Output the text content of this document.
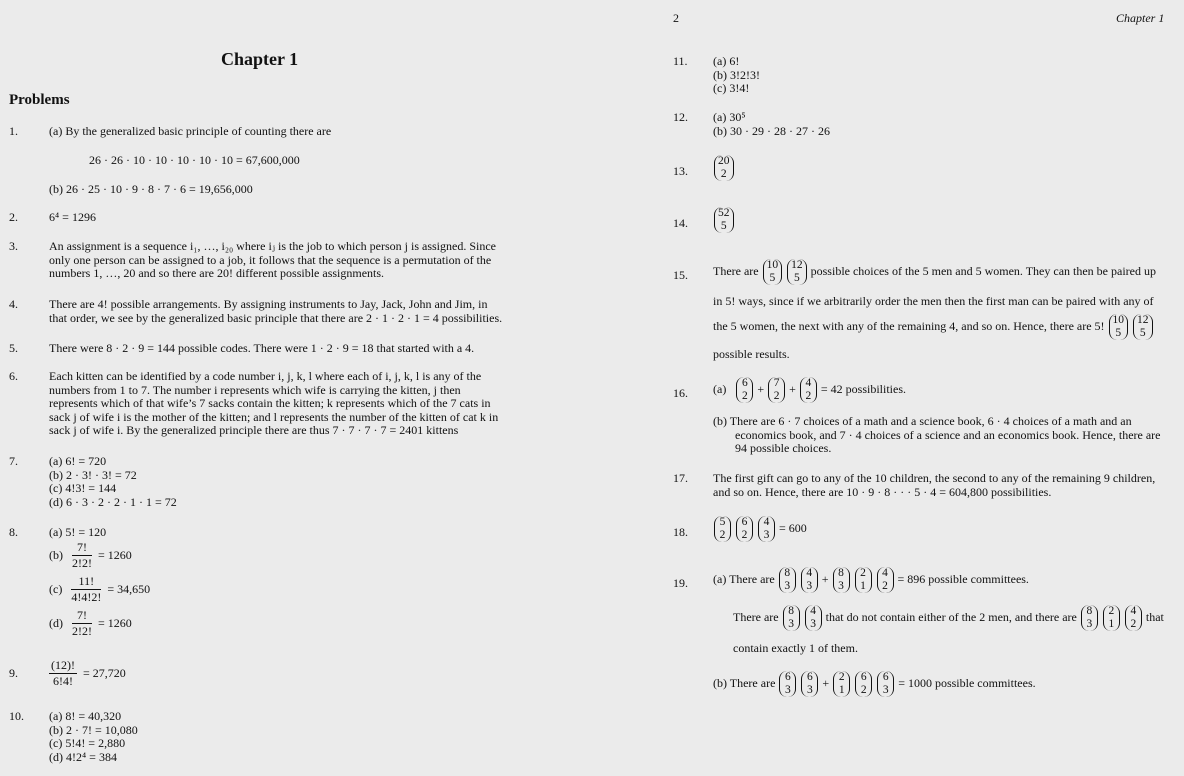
Chapter 1
Problems
1.	(a) By the generalized basic principle of counting there are
26 · 26 · 10 · 10 · 10 · 10 · 10 = 67,600,000
(b) 26 · 25 · 10 · 9 · 8 · 7 · 6 = 19,656,000
2.	6⁴ = 1296
3.	An assignment is a sequence i₁, …, i₂₀ where iⱼ is the job to which person j is assigned. Since
only one person can be assigned to a job, it follows that the sequence is a permutation of the
numbers 1, …, 20 and so there are 20! different possible assignments.
4.	There are 4! possible arrangements. By assigning instruments to Jay, Jack, John and Jim, in
that order, we see by the generalized basic principle that there are 2 · 1 · 2 · 1 = 4 possibilities.
5.	There were 8 · 2 · 9 = 144 possible codes. There were 1 · 2 · 9 = 18 that started with a 4.
6.	Each kitten can be identified by a code number i, j, k, l where each of i, j, k, l is any of the
numbers from 1 to 7. The number i represents which wife is carrying the kitten, j then
represents which of that wife’s 7 sacks contain the kitten; k represents which of the 7 cats in
sack j of wife i is the mother of the kitten; and l represents the number of the kitten of cat k in
sack j of wife i. By the generalized principle there are thus 7 · 7 · 7 · 7 = 2401 kittens
7.	(a) 6! = 720
(b) 2 · 3! · 3! = 72
(c) 4!3! = 144
(d) 6 · 3 · 2 · 2 · 1 · 1 = 72
8.	(a) 5! = 120
$(b) \frac{7!}{2!2!} = 1260$
$(c) \frac{11!}{4!4!2!} = 34,650$
$(d) \frac{7!}{2!2!} = 1260$
9.	$\frac{(12)!}{6!4!} = 27,720$
10.	(a) 8! = 40,320
(b) 2 · 7! = 10,080
(c) 5!4! = 2,880
(d) 4!2⁴ = 384
2	Chapter 1
11.	(a) 6!
(b) 3!2!3!
(c) 3!4!
12.	(a) 30⁵
(b) 30 · 29 · 28 · 27 · 26
13.
20
2
14.
52
5
15.	There are 10
5
12
5 possible choices of the 5 men and 5 women. They can then be paired up
in 5! ways, since if we arbitrarily order the men then the first man can be paired with any of
the 5 women, the next with any of the remaining 4, and so on. Hence, there are 5! 10
5
12
5
possible results.
16.	(a) 6
2 + 7
2 + 4
2 = 42 possibilities.
(b) There are 6 · 7 choices of a math and a science book, 6 · 4 choices of a math and an
economics book, and 7 · 4 choices of a science and an economics book. Hence, there are
94 possible choices.
17.	The first gift can go to any of the 10 children, the second to any of the remaining 9 children,
and so on. Hence, there are 10 · 9 · 8 · · · 5 · 4 = 604,800 possibilities.
18.
5
2
6
2
4
3 = 600
19.	(a) There are 8
3
4
3 + 8
3
2
1
4
2 = 896 possible committees.
There are 8
3
4
3 that do not contain either of the 2 men, and there are 8
3
2
1
4
2 that
contain exactly 1 of them.
(b) There are 6
3
6
3 + 2
1
6
2
6
3 = 1000 possible committees.
